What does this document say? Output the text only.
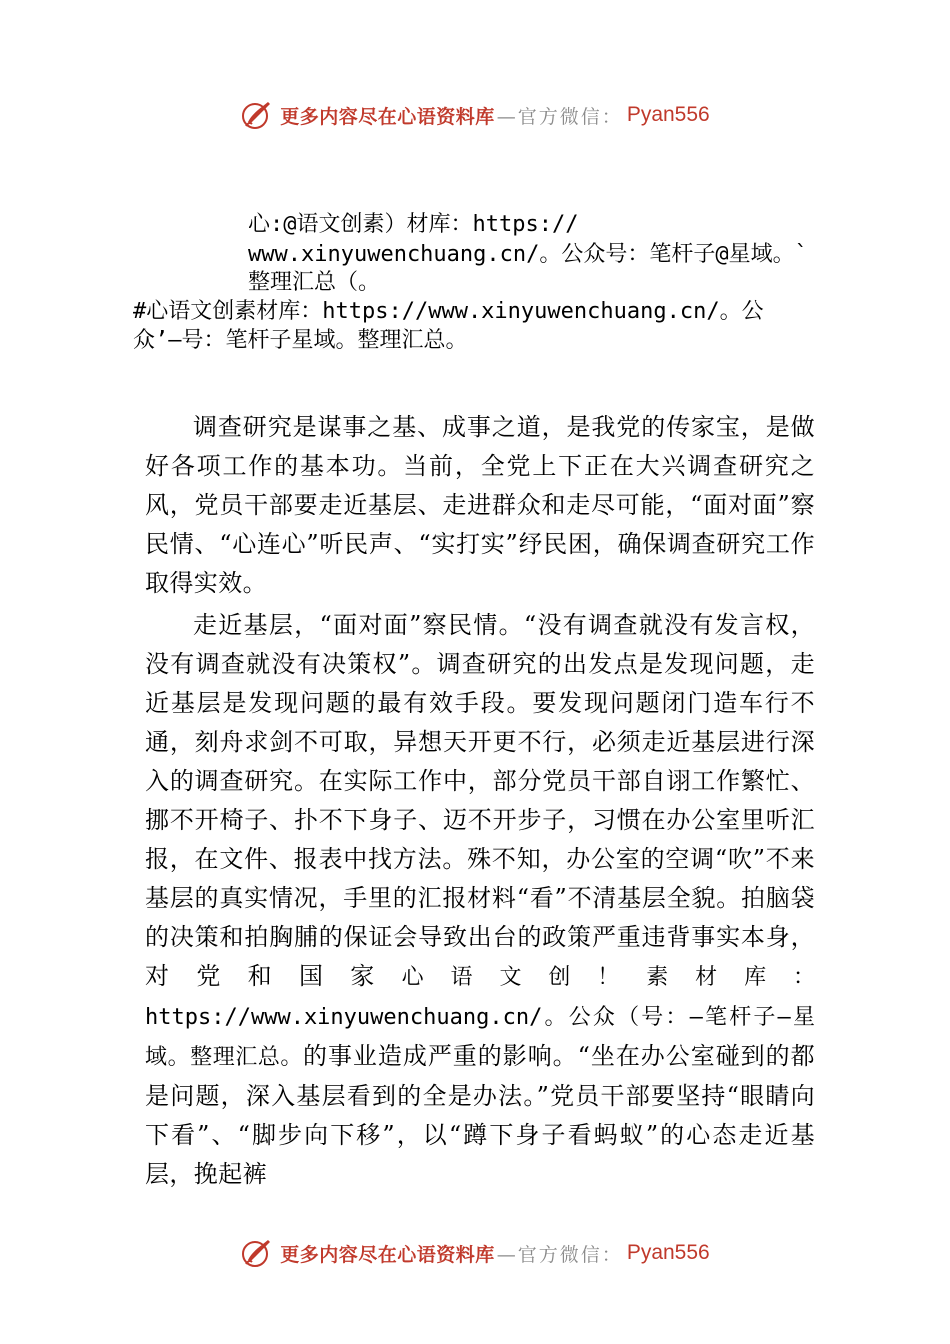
更多内容尽在心语资料库 —官方微信： Pyan556
心:@语文创素）材库：https://
www.xinyuwenchuang.cn/。公众号：笔杆子@星域。`
整理汇总（。
#心语文创素材库：https://www.xinyuwenchuang.cn/。公
众’—号：笔杆子星域。整理汇总。

调查研究是谋事之基、成事之道，是我党的传家宝，是做好各项工作的基本功。当前，全党上下正在大兴调查研究之风，党员干部要走近基层、走进群众和走尽可能，“面对面”察民情、“心连心”听民声、“实打实”纾民困，确保调查研究工作取得实效。

走近基层，“面对面”察民情。“没有调查就没有发言权，没有调查就没有决策权”。调查研究的出发点是发现问题，走近基层是发现问题的最有效手段。要发现问题闭门造车行不通，刻舟求剑不可取，异想天开更不行，必须走近基层进行深入的调查研究。在实际工作中，部分党员干部自诩工作繁忙、挪不开椅子、扑不下身子、迈不开步子，习惯在办公室里听汇报，在文件、报表中找方法。殊不知，办公室的空调“吹”不来基层的真实情况，手里的汇报材料“看”不清基层全貌。拍脑袋的决策和拍胸脯的保证会导致出台的政策严重违背事实本身，对党和国家心语文创！素材库：https://www.xinyuwenchuang.cn/。公众（号：—笔杆子—星域。整理汇总。的事业造成严重的影响。“坐在办公室碰到的都是问题，深入基层看到的全是办法。”党员干部要坚持“眼睛向下看”、“脚步向下移”，以“蹲下身子看蚂蚁”的心态走近基层，挽起裤

更多内容尽在心语资料库 —官方微信： Pyan556
